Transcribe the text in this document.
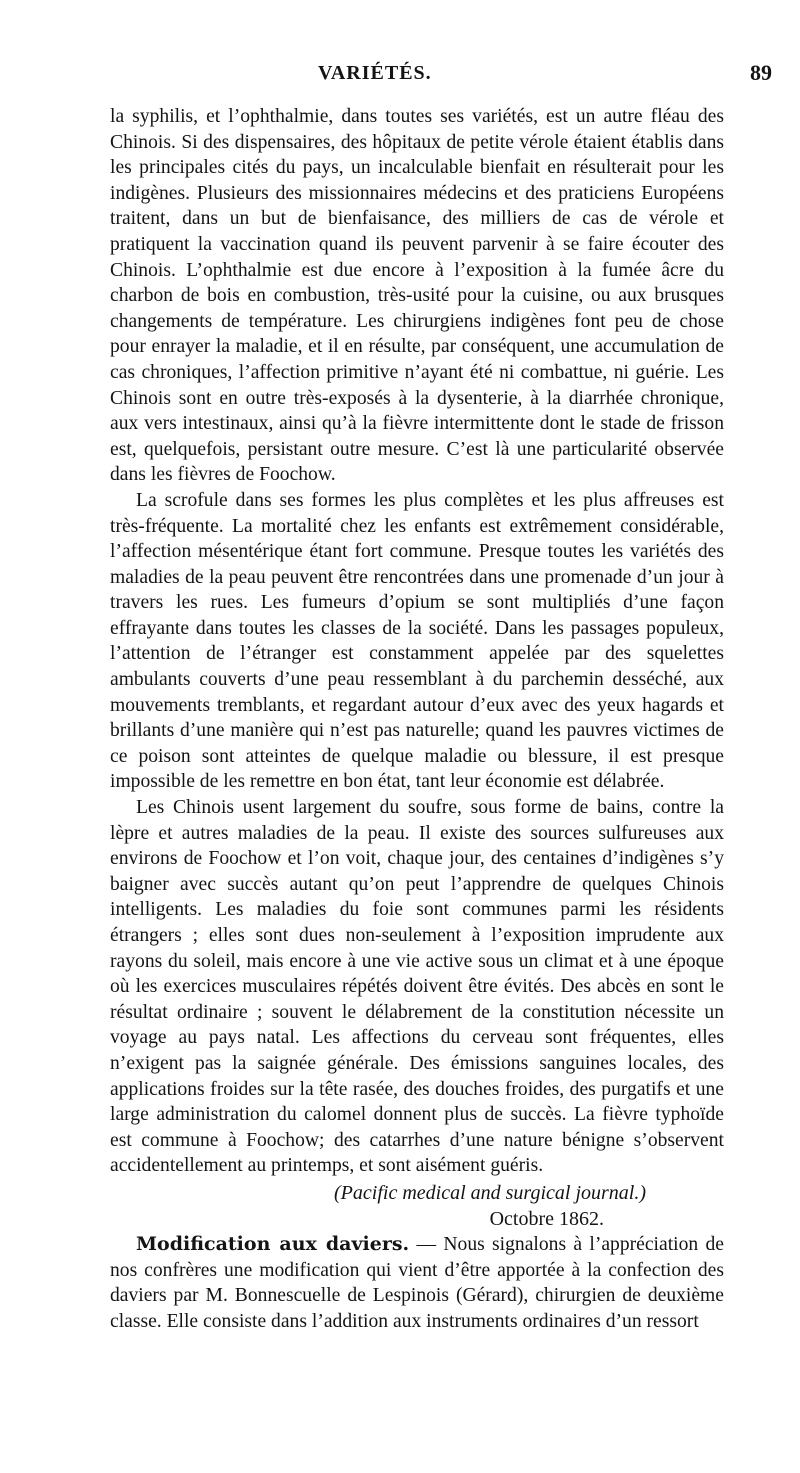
VARIÉTÉS.	89

la syphilis, et l’ophthalmie, dans toutes ses variétés, est un autre fléau des Chinois. Si des dispensaires, des hôpitaux de petite vérole étaient établis dans les principales cités du pays, un incalculable bienfait en résulterait pour les indigènes. Plusieurs des missionnaires médecins et des praticiens Européens traitent, dans un but de bienfaisance, des milliers de cas de vérole et pratiquent la vaccination quand ils peuvent parvenir à se faire écouter des Chinois. L’ophthalmie est due encore à l’exposition à la fumée âcre du charbon de bois en combustion, très-usité pour la cuisine, ou aux brusques changements de température. Les chirurgiens indigènes font peu de chose pour enrayer la maladie, et il en résulte, par conséquent, une accumulation de cas chroniques, l’affection primitive n’ayant été ni combattue, ni guérie. Les Chinois sont en outre très-exposés à la dysenterie, à la diarrhée chronique, aux vers intestinaux, ainsi qu’à la fièvre intermittente dont le stade de frisson est, quelquefois, persistant outre mesure. C’est là une particularité observée dans les fièvres de Foochow.

La scrofule dans ses formes les plus complètes et les plus affreuses est très-fréquente. La mortalité chez les enfants est extrêmement considérable, l’affection mésentérique étant fort commune. Presque toutes les variétés des maladies de la peau peuvent être rencontrées dans une promenade d’un jour à travers les rues. Les fumeurs d’opium se sont multipliés d’une façon effrayante dans toutes les classes de la société. Dans les passages populeux, l’attention de l’étranger est constamment appelée par des squelettes ambulants couverts d’une peau ressemblant à du parchemin desséché, aux mouvements tremblants, et regardant autour d’eux avec des yeux hagards et brillants d’une manière qui n’est pas naturelle; quand les pauvres victimes de ce poison sont atteintes de quelque maladie ou blessure, il est presque impossible de les remettre en bon état, tant leur économie est délabrée.

Les Chinois usent largement du soufre, sous forme de bains, contre la lèpre et autres maladies de la peau. Il existe des sources sulfureuses aux environs de Foochow et l’on voit, chaque jour, des centaines d’indigènes s’y baigner avec succès autant qu’on peut l’apprendre de quelques Chinois intelligents. Les maladies du foie sont communes parmi les résidents étrangers ; elles sont dues non-seulement à l’exposition imprudente aux rayons du soleil, mais encore à une vie active sous un climat et à une époque où les exercices musculaires répétés doivent être évités. Des abcès en sont le résultat ordinaire ; souvent le délabrement de la constitution nécessite un voyage au pays natal. Les affections du cerveau sont fréquentes, elles n’exigent pas la saignée générale. Des émissions sanguines locales, des applications froides sur la tête rasée, des douches froides, des purgatifs et une large administration du calomel donnent plus de succès. La fièvre typhoïde est commune à Foochow; des catarrhes d’une nature bénigne s’observent accidentellement au printemps, et sont aisément guéris.

(Pacific medical and surgical journal.)
Octobre 1862.

Modification aux daviers. — Nous signalons à l’appréciation de nos confrères une modification qui vient d’être apportée à la confection des daviers par M. Bonnescuelle de Lespinois (Gérard), chirurgien de deuxième classe. Elle consiste dans l’addition aux instruments ordinaires d’un ressort
